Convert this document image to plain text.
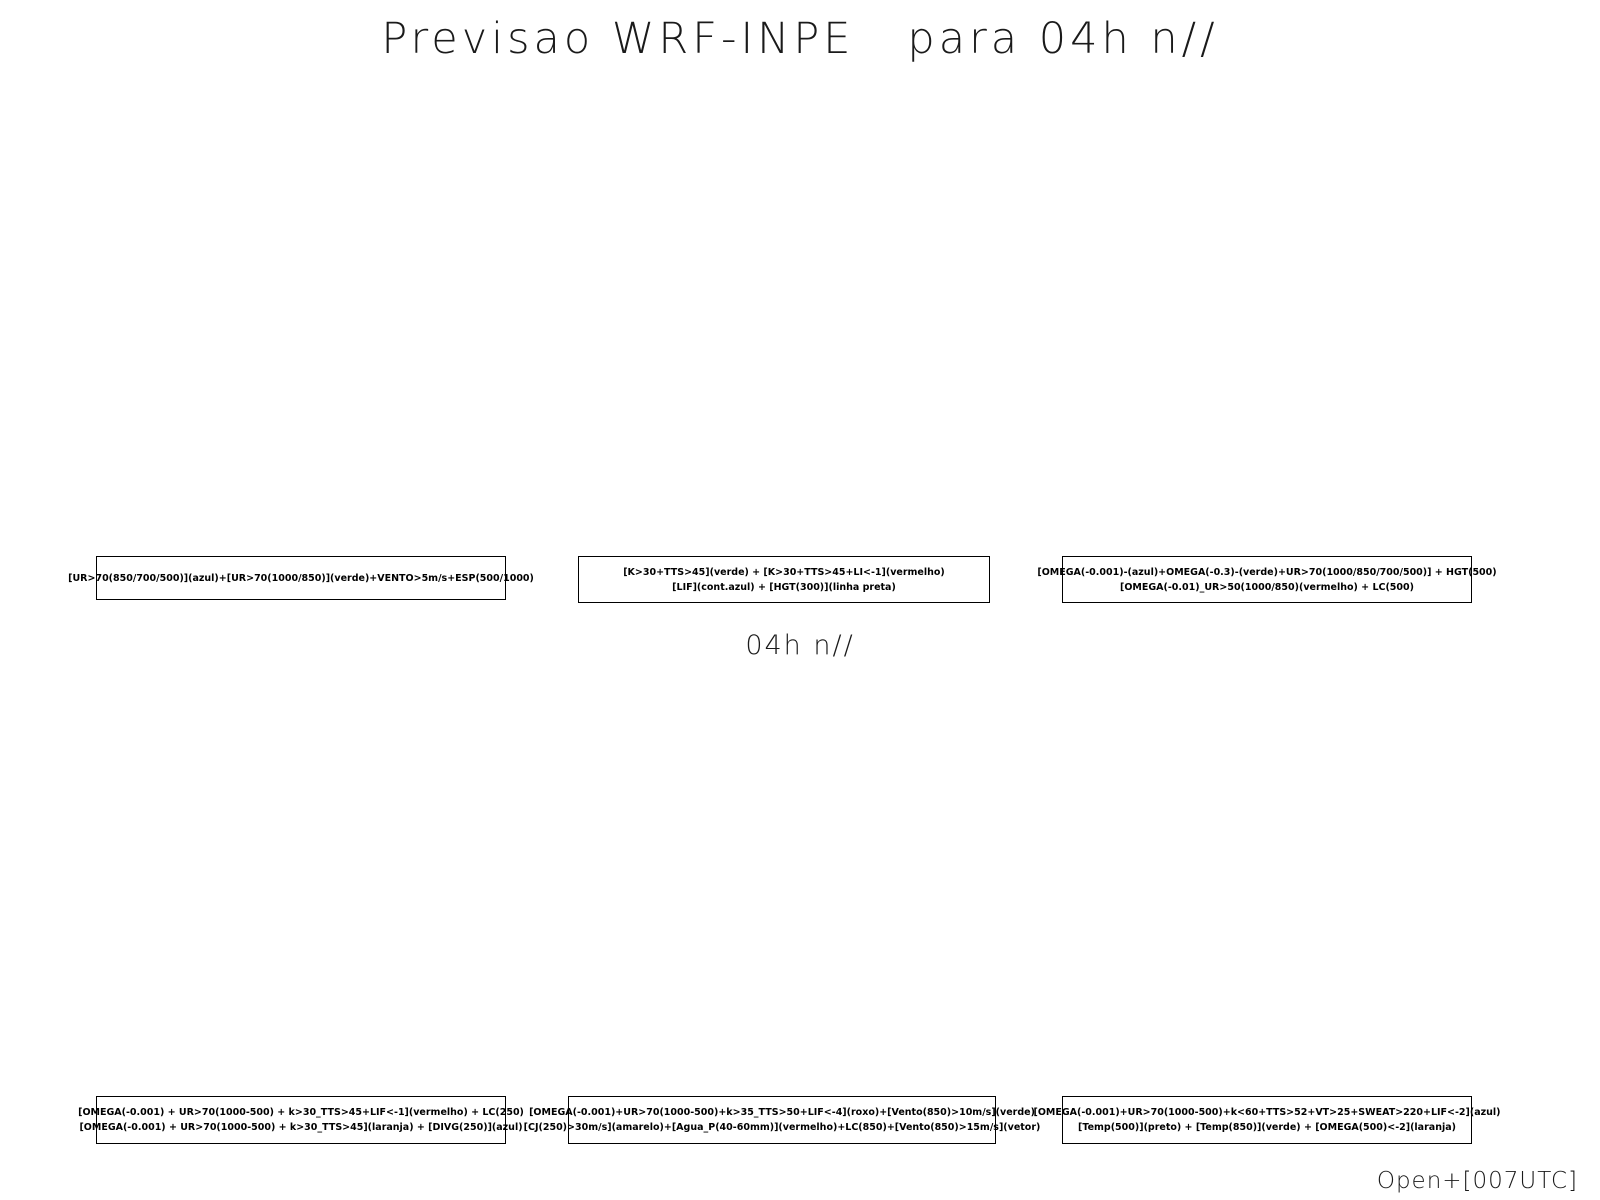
Previsao WRF-INPE   para 04h n//
[UR>70(850/700/500)](azul)+[UR>70(1000/850)](verde)+VENTO>5m/s+ESP(500/1000)
[K>30+TTS>45](verde) + [K>30+TTS>45+LI<-1](vermelho)
[LIF](cont.azul) + [HGT(300)](linha preta)
[OMEGA(-0.001)-(azul)+OMEGA(-0.3)-(verde)+UR>70(1000/850/700/500)] + HGT(500)
[OMEGA(-0.01)_UR>50(1000/850)(vermelho) + LC(500)
04h n//
[OMEGA(-0.001) + UR>70(1000-500) + k>30_TTS>45+LIF<-1](vermelho) + LC(250)
[OMEGA(-0.001) + UR>70(1000-500) + k>30_TTS>45](laranja) + [DIVG(250)](azul)
[OMEGA(-0.001)+UR>70(1000-500)+k>35_TTS>50+LIF<-4](roxo)+[Vento(850)>10m/s](verde)
[CJ(250)>30m/s](amarelo)+[Agua_P(40-60mm)](vermelho)+LC(850)+[Vento(850)>15m/s](vetor)
[OMEGA(-0.001)+UR>70(1000-500)+k<60+TTS>52+VT>25+SWEAT>220+LIF<-2](azul)
[Temp(500)](preto) + [Temp(850)](verde) + [OMEGA(500)<-2](laranja)
Open+[007UTC]
